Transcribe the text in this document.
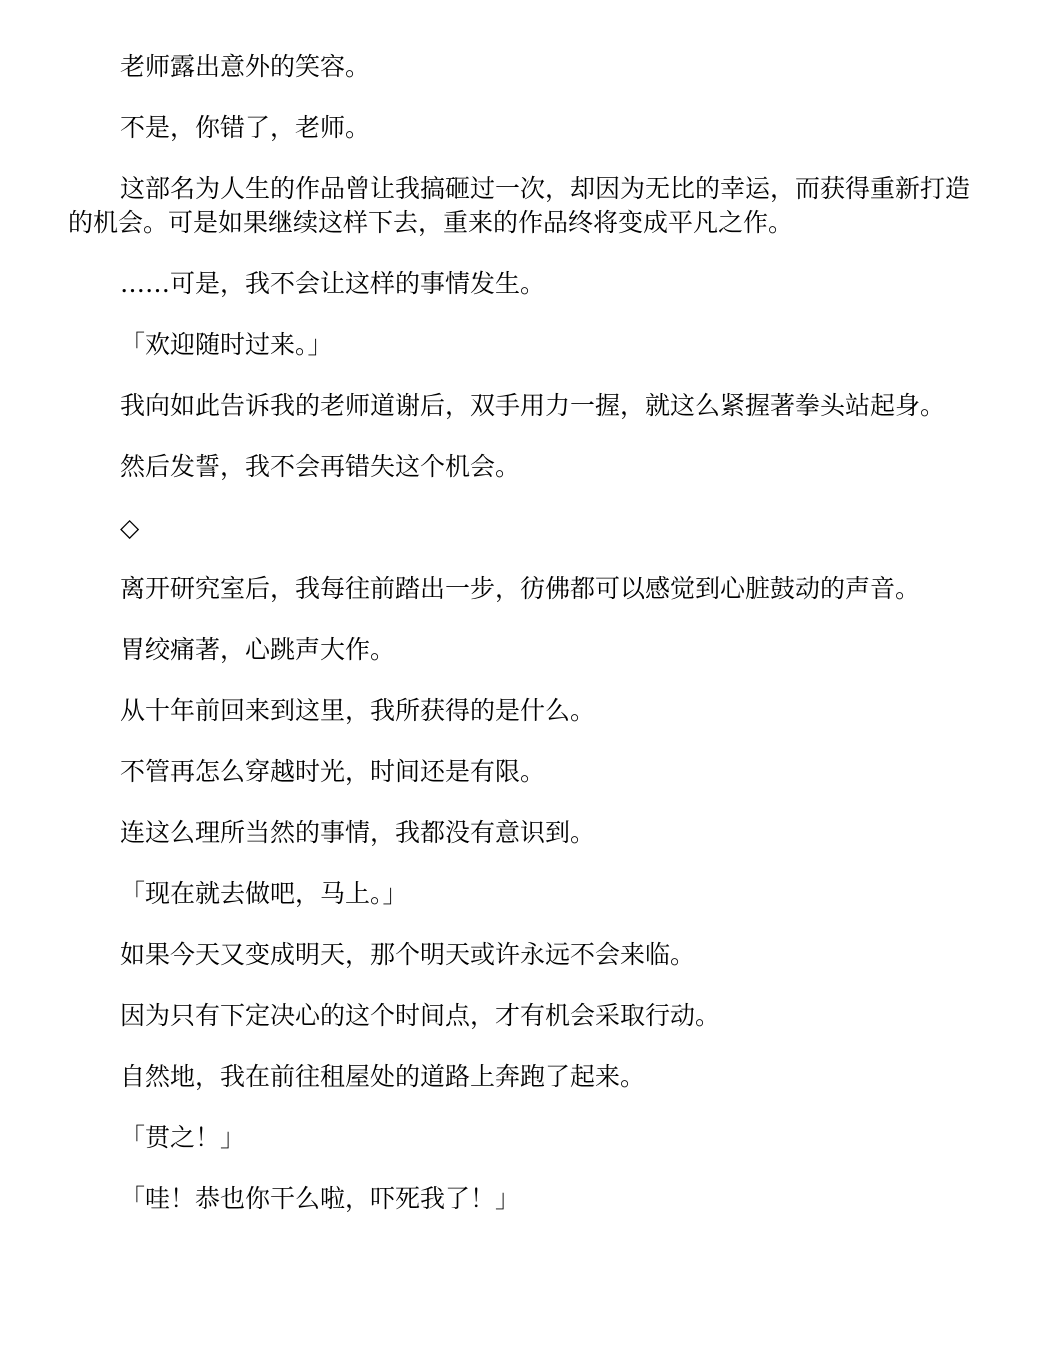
老师露出意外的笑容。

不是，你错了，老师。

这部名为人生的作品曾让我搞砸过一次，却因为无比的幸运，而获得重新打造的机会。可是如果继续这样下去，重来的作品终将变成平凡之作。

……可是，我不会让这样的事情发生。

「欢迎随时过来。」

我向如此告诉我的老师道谢后，双手用力一握，就这么紧握著拳头站起身。

然后发誓，我不会再错失这个机会。

◇

离开研究室后，我每往前踏出一步，彷佛都可以感觉到心脏鼓动的声音。

胃绞痛著，心跳声大作。

从十年前回来到这里，我所获得的是什么。

不管再怎么穿越时光，时间还是有限。

连这么理所当然的事情，我都没有意识到。

「现在就去做吧，马上。」

如果今天又变成明天，那个明天或许永远不会来临。

因为只有下定决心的这个时间点，才有机会采取行动。

自然地，我在前往租屋处的道路上奔跑了起来。

「贯之！」

「哇！恭也你干么啦，吓死我了！」
